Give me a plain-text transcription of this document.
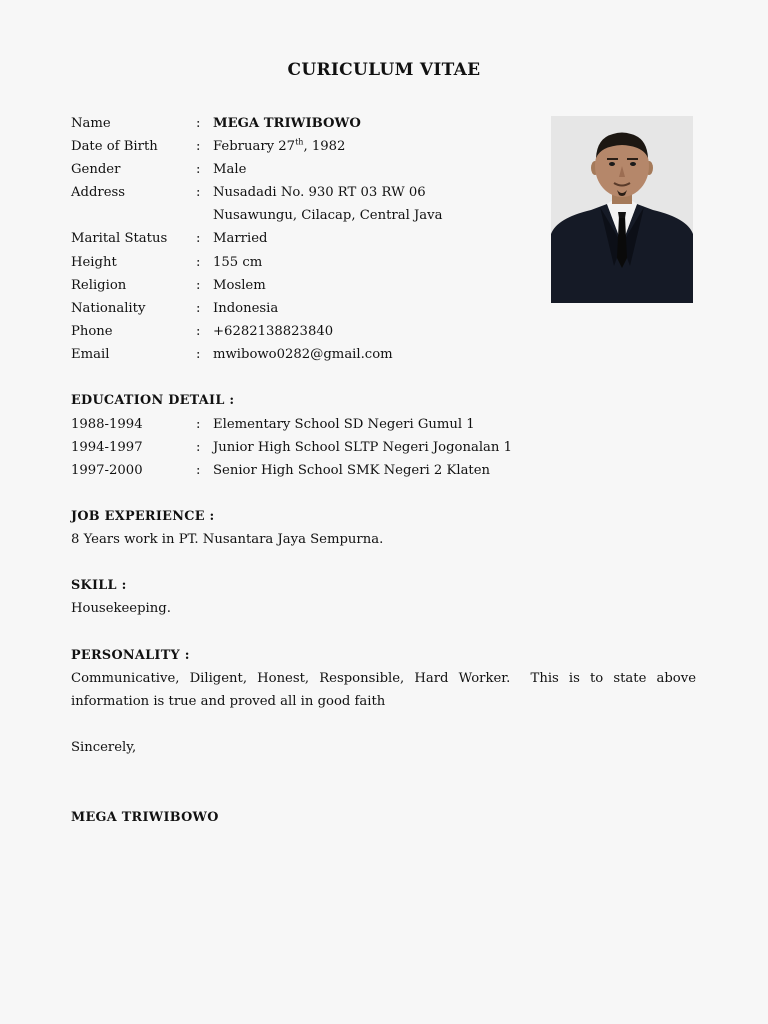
CURICULUM VITAE
Name	: MEGA TRIWIBOWO
Date of Birth	: February 27th, 1982
Gender	: Male
Address	: Nusadadi No. 930 RT 03 RW 06
Nusawungu, Cilacap, Central Java
Marital Status : Married
Height	: 155 cm
Religion	: Moslem
Nationality	: Indonesia
Phone	: +6282138823840
Email	: mwibowo0282@gmail.com
EDUCATION DETAIL :
1988-1994	: Elementary School SD Negeri Gumul 1
1994-1997	: Junior High School SLTP Negeri Jogonalan 1
1997-2000	: Senior High School SMK Negeri 2 Klaten
JOB EXPERIENCE :
8 Years work in PT. Nusantara Jaya Sempurna.
SKILL :
Housekeeping.
PERSONALITY :
Communicative, Diligent, Honest, Responsible, Hard Worker.  This is to state above information is true and proved all in good faith
Sincerely,
MEGA TRIWIBOWO
